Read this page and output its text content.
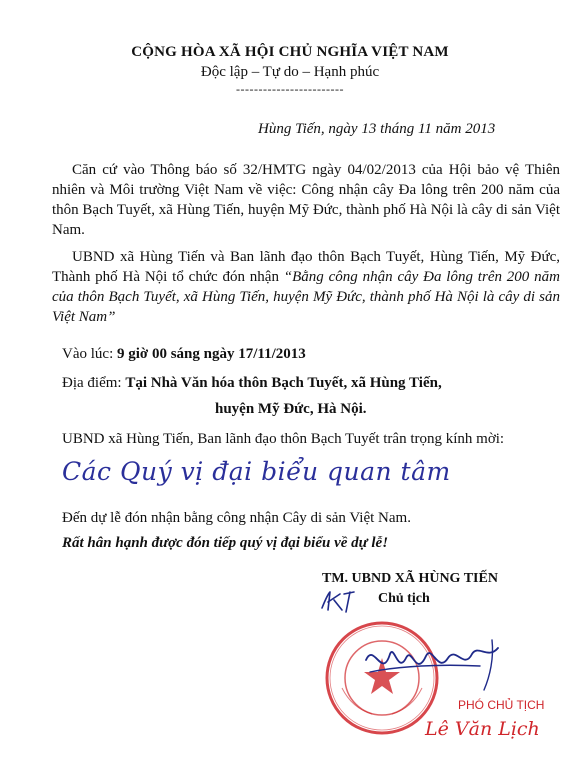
CỘNG HÒA XÃ HỘI CHỦ NGHĨA VIỆT NAM
Độc lập – Tự do – Hạnh phúc
------------------------
Hùng Tiến, ngày 13 tháng 11 năm 2013
Căn cứ vào Thông báo số 32/HMTG ngày 04/02/2013 của Hội bảo vệ Thiên nhiên và Môi trường Việt Nam về việc: Công nhận cây Đa lông trên 200 năm của thôn Bạch Tuyết, xã Hùng Tiến, huyện Mỹ Đức, thành phố Hà Nội là cây di sản Việt Nam.
UBND xã Hùng Tiến và Ban lãnh đạo thôn Bạch Tuyết, Hùng Tiến, Mỹ Đức, Thành phố Hà Nội tổ chức đón nhận “Bằng công nhận cây Đa lông trên 200 năm của thôn Bạch Tuyết, xã Hùng Tiến, huyện Mỹ Đức, thành phố Hà Nội là cây di sản Việt Nam”
Vào lúc: 9 giờ 00 sáng ngày 17/11/2013
Địa điểm: Tại Nhà Văn hóa thôn Bạch Tuyết, xã Hùng Tiến,
huyện Mỹ Đức, Hà Nội.
UBND xã Hùng Tiến, Ban lãnh đạo thôn Bạch Tuyết trân trọng kính mời:
Các Quý vị đại biểu quan tâm
Đến dự lễ đón nhận bằng công nhận Cây di sản Việt Nam.
Rất hân hạnh được đón tiếp quý vị đại biểu về dự lễ!
TM. UBND XÃ HÙNG TIẾN
Chủ tịch
PHÓ CHỦ TỊCH
Lê Văn Lịch
